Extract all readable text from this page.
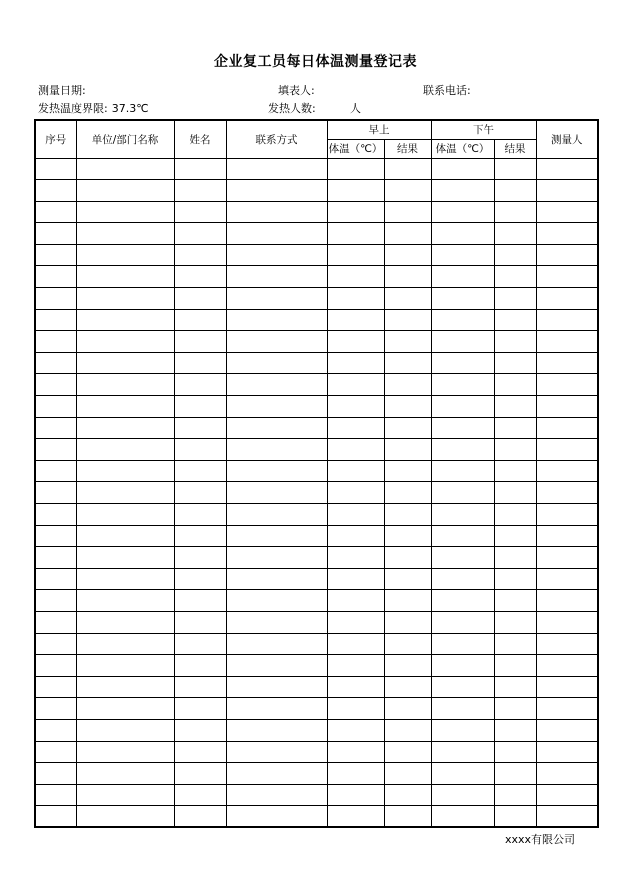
企业复工员每日体温测量登记表
测量日期:	填表人:	联系电话:
发热温度界限: 37.3℃	发热人数:	人
序号	单位/部门名称	姓名	联系方式	早上		下午		测量人
				体温（℃）	结果	体温（℃）	结果	

xxxx有限公司
